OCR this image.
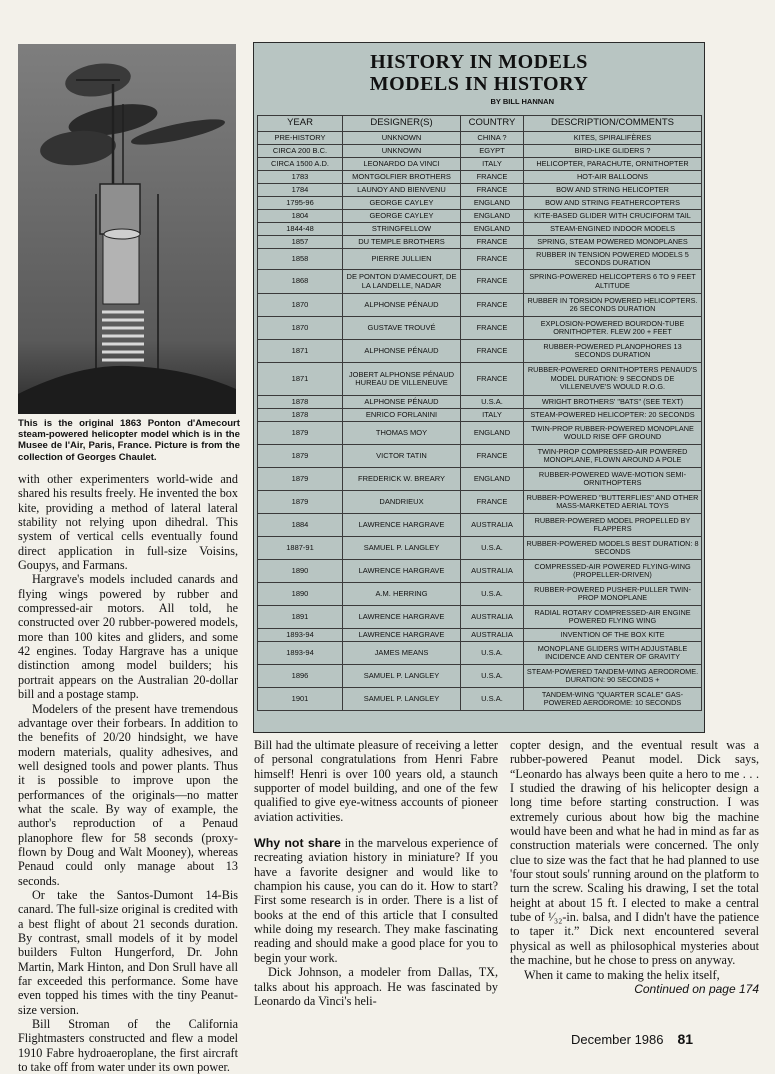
This is the original 1863 Ponton d'Amecourt steam-powered helicopter model which is in the Musee de l'Air, Paris, France. Picture is from the collection of Georges Chaulet.
HISTORY IN MODELS
MODELS IN HISTORY
BY BILL HANNAN
YEAR	DESIGNER(S)	COUNTRY	DESCRIPTION/COMMENTS
PRE-HISTORY	UNKNOWN	CHINA ?	KITES, SPIRALIFÈRES
CIRCA 200 B.C.	UNKNOWN	EGYPT	BIRD-LIKE GLIDERS ?
CIRCA 1500 A.D.	LEONARDO DA VINCI	ITALY	HELICOPTER, PARACHUTE, ORNITHOPTER
1783	MONTGOLFIER BROTHERS	FRANCE	HOT-AIR BALLOONS
1784	LAUNOY AND BIENVENU	FRANCE	BOW AND STRING HELICOPTER
1795-96	GEORGE CAYLEY	ENGLAND	BOW AND STRING FEATHERCOPTERS
1804	GEORGE CAYLEY	ENGLAND	KITE-BASED GLIDER WITH CRUCIFORM TAIL
1844-48	STRINGFELLOW	ENGLAND	STEAM-ENGINED INDOOR MODELS
1857	DU TEMPLE BROTHERS	FRANCE	SPRING, STEAM POWERED MONOPLANES
1858	PIERRE JULLIEN	FRANCE	RUBBER IN TENSION POWERED MODELS 5 SECONDS DURATION
1868	DE PONTON D'AMECOURT, DE LA LANDELLE, NADAR	FRANCE	SPRING-POWERED HELICOPTERS 6 TO 9 FEET ALTITUDE
1870	ALPHONSE PÉNAUD	FRANCE	RUBBER IN TORSION POWERED HELICOPTERS. 26 SECONDS DURATION
1870	GUSTAVE TROUVÉ	FRANCE	EXPLOSION-POWERED BOURDON-TUBE ORNITHOPTER. FLEW 200 + FEET
1871	ALPHONSE PÉNAUD	FRANCE	RUBBER-POWERED PLANOPHORES 13 SECONDS DURATION
1871	JOBERT ALPHONSE PÉNAUD HUREAU DE VILLENEUVE	FRANCE	RUBBER-POWERED ORNITHOPTERS PENAUD'S MODEL DURATION: 9 SECONDS DE VILLENEUVE'S WOULD R.O.G.
1878	ALPHONSE PÉNAUD	U.S.A.	WRIGHT BROTHERS' "BATS" (SEE TEXT)
1878	ENRICO FORLANINI	ITALY	STEAM-POWERED HELICOPTER: 20 SECONDS
1879	THOMAS MOY	ENGLAND	TWIN-PROP RUBBER-POWERED MONOPLANE WOULD RISE OFF GROUND
1879	VICTOR TATIN	FRANCE	TWIN-PROP COMPRESSED-AIR POWERED MONOPLANE, FLOWN AROUND A POLE
1879	FREDERICK W. BREARY	ENGLAND	RUBBER-POWERED WAVE-MOTION SEMI-ORNITHOPTERS
1879	DANDRIEUX	FRANCE	RUBBER-POWERED "BUTTERFLIES" AND OTHER MASS-MARKETED AERIAL TOYS
1884	LAWRENCE HARGRAVE	AUSTRALIA	RUBBER-POWERED MODEL PROPELLED BY FLAPPERS
1887-91	SAMUEL P. LANGLEY	U.S.A.	RUBBER-POWERED MODELS BEST DURATION: 8 SECONDS
1890	LAWRENCE HARGRAVE	AUSTRALIA	COMPRESSED-AIR POWERED FLYING-WING (PROPELLER-DRIVEN)
1890	A.M. HERRING	U.S.A.	RUBBER-POWERED PUSHER-PULLER TWIN-PROP MONOPLANE
1891	LAWRENCE HARGRAVE	AUSTRALIA	RADIAL ROTARY COMPRESSED-AIR ENGINE POWERED FLYING WING
1893-94	LAWRENCE HARGRAVE	AUSTRALIA	INVENTION OF THE BOX KITE
1893-94	JAMES MEANS	U.S.A.	MONOPLANE GLIDERS WITH ADJUSTABLE INCIDENCE AND CENTER OF GRAVITY
1896	SAMUEL P. LANGLEY	U.S.A.	STEAM-POWERED TANDEM-WING AERODROME. DURATION: 90 SECONDS +
1901	SAMUEL P. LANGLEY	U.S.A.	TANDEM-WING "QUARTER SCALE" GAS-POWERED AERODROME: 10 SECONDS

with other experimenters world-wide and shared his results freely. He invented the box kite, providing a method of lateral lateral stability not relying upon dihedral. This system of vertical cells eventually found direct application in full-size Voisins, Goupys, and Farmans.

Hargrave's models included canards and flying wings powered by rubber and compressed-air motors. All told, he constructed over 20 rubber-powered models, more than 100 kites and gliders, and some 42 engines. Today Hargrave has a unique distinction among model builders; his portrait appears on the Australian 20-dollar bill and a postage stamp.

Modelers of the present have tremendous advantage over their forbears. In addition to the benefits of 20/20 hindsight, we have modern materials, quality adhesives, and well designed tools and power plants. Thus it is possible to improve upon the performances of the originals—no matter what the scale. By way of example, the author's reproduction of a Penaud planophore flew for 58 seconds (proxy-flown by Doug and Walt Mooney), whereas Penaud could only manage about 13 seconds.

Or take the Santos-Dumont 14-Bis canard. The full-size original is credited with a best flight of about 21 seconds duration. By contrast, small models of it by model builders Fulton Hungerford, Dr. John Martin, Mark Hinton, and Don Srull have all far exceeded this performance. Some have even topped his times with the tiny Peanut-size version.

Bill Stroman of the California Flightmasters constructed and flew a model 1910 Fabre hydroaeroplane, the first aircraft to take off from water under its own power.

Bill had the ultimate pleasure of receiving a letter of personal congratulations from Henri Fabre himself! Henri is over 100 years old, a staunch supporter of model building, and one of the few qualified to give eye-witness accounts of pioneer aviation activities.

Why not share in the marvelous experience of recreating aviation history in miniature? If you have a favorite designer and would like to champion his cause, you can do it. How to start? First some research is in order. There is a list of books at the end of this article that I consulted while doing my research. They make fascinating reading and should make a good place for you to begin your work.

Dick Johnson, a modeler from Dallas, TX, talks about his approach. He was fascinated by Leonardo da Vinci's heli-

copter design, and the eventual result was a rubber-powered Peanut model. Dick says, “Leonardo has always been quite a hero to me . . . I studied the drawing of his helicopter design a long time before starting construction. I was extremely curious about how big the machine would have been and what he had in mind as far as construction materials were concerned. The only clue to size was the fact that he had planned to use 'four stout souls' running around on the platform to turn the screw. Scaling his drawing, I set the total height at about 15 ft. I elected to make a central tube of ¹⁄₃₂-in. balsa, and I didn't have the patience to taper it.” Dick next encountered several physical as well as philosophical mysteries about the machine, but he chose to press on anyway.

When it came to making the helix itself,

Continued on page 174
December 1986 81
